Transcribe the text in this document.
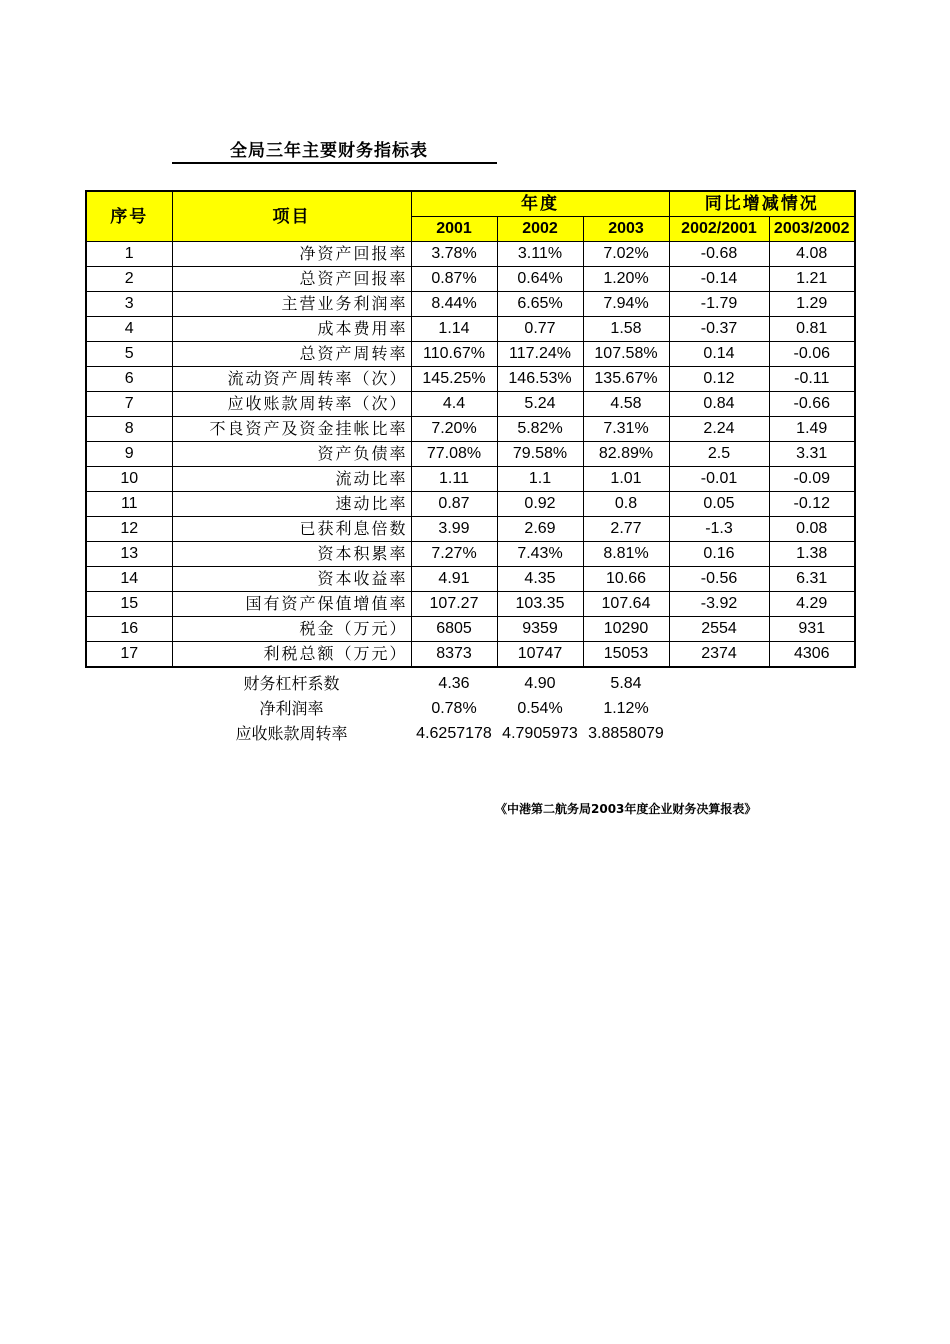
全局三年主要财务指标表
序号	项目	年度			同比增减情况	
		2001	2002	2003	2002/2001	2003/2002
1	净资产回报率	3.78%	3.11%	7.02%	-0.68	4.08
2	总资产回报率	0.87%	0.64%	1.20%	-0.14	1.21
3	主营业务利润率	8.44%	6.65%	7.94%	-1.79	1.29
4	成本费用率	1.14	0.77	1.58	-0.37	0.81
5	总资产周转率	110.67%	117.24%	107.58%	0.14	-0.06
6	流动资产周转率（次）	145.25%	146.53%	135.67%	0.12	-0.11
7	应收账款周转率（次）	4.4	5.24	4.58	0.84	-0.66
8	不良资产及资金挂帐比率	7.20%	5.82%	7.31%	2.24	1.49
9	资产负债率	77.08%	79.58%	82.89%	2.5	3.31
10	流动比率	1.11	1.1	1.01	-0.01	-0.09
11	速动比率	0.87	0.92	0.8	0.05	-0.12
12	已获利息倍数	3.99	2.69	2.77	-1.3	0.08
13	资本积累率	7.27%	7.43%	8.81%	0.16	1.38
14	资本收益率	4.91	4.35	10.66	-0.56	6.31
15	国有资产保值增值率	107.27	103.35	107.64	-3.92	4.29
16	税金（万元）	6805	9359	10290	2554	931
17	利税总额（万元）	8373	10747	15053	2374	4306
财务杠杆系数	4.36	4.90	5.84
净利润率	0.78%	0.54%	1.12%
应收账款周转率	4.6257178	4.7905973	3.8858079
《中港第二航务局2003年度企业财务决算报表》
